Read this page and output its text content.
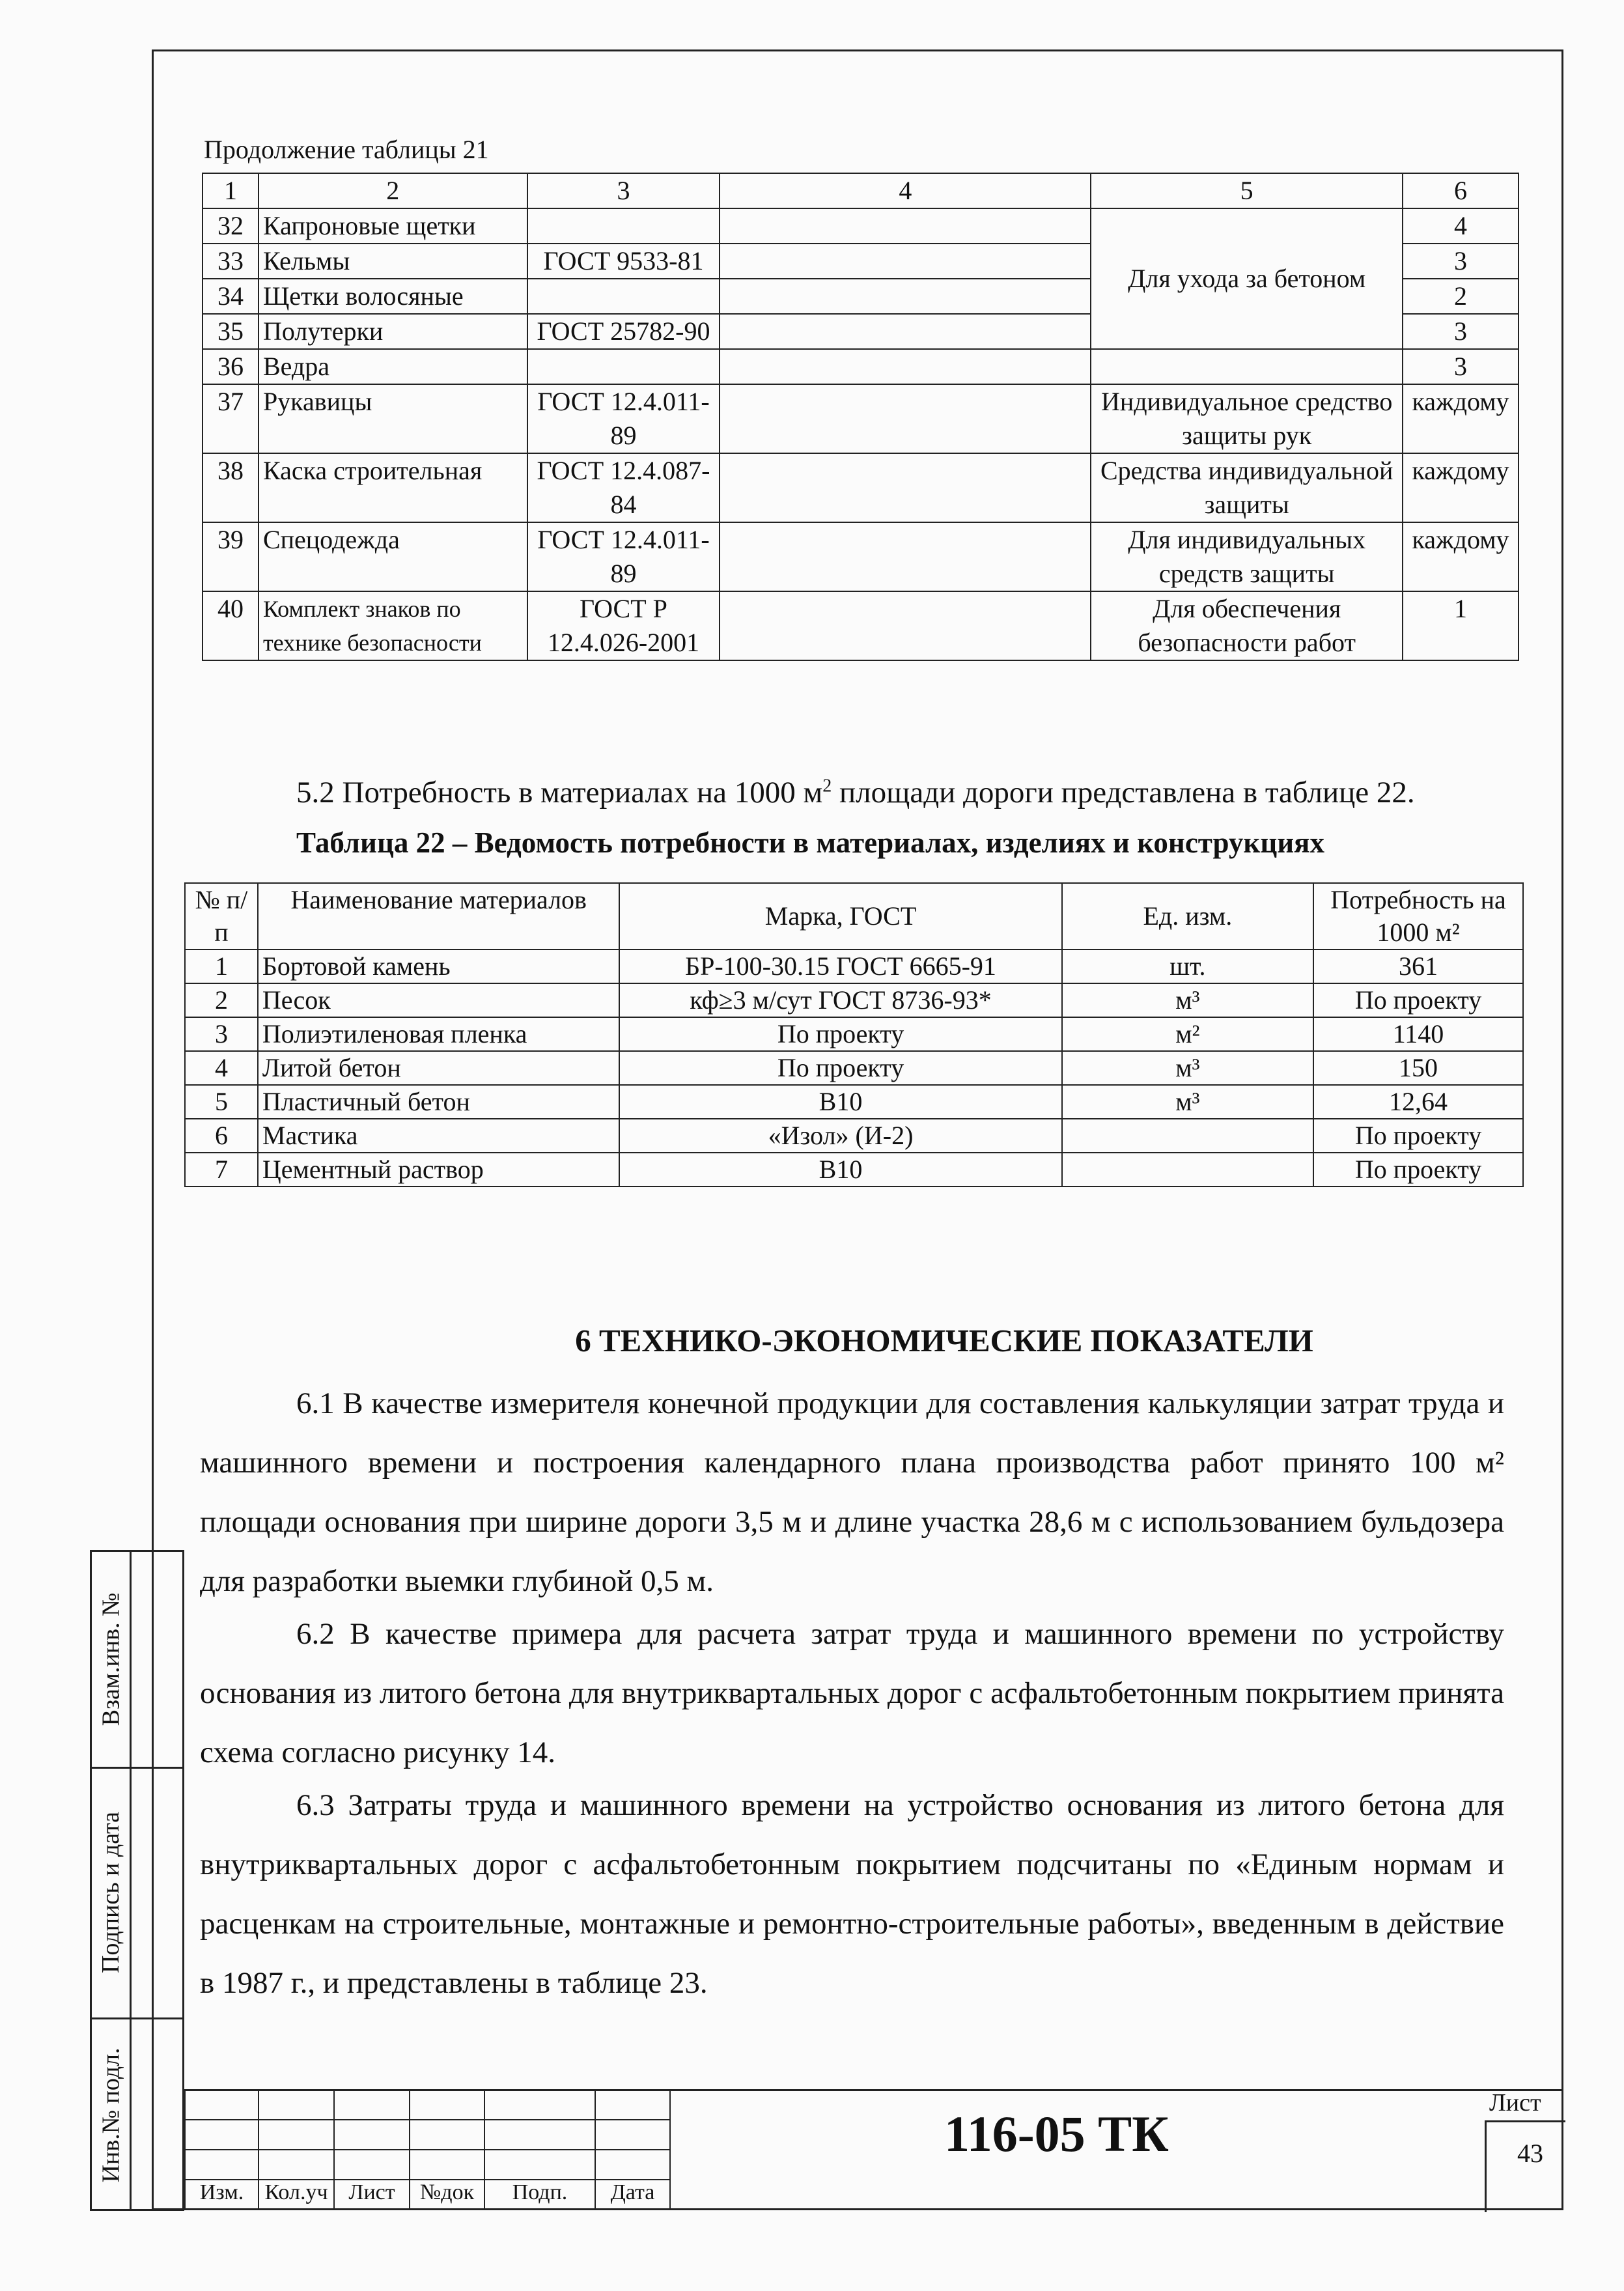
Взам.инв. №
Подпись и дата
Инв.№ подл.
Продолжение таблицы 21
1	2	3	4	5	6
32	Капроновые щетки			Для ухода за бетоном	4
33	Кельмы	ГОСТ 9533-81			3
34	Щетки волосяные				2
35	Полутерки	ГОСТ 25782-90			3
36	Ведра				3
37	Рукавицы	ГОСТ 12.4.011-89		Индивидуальное средство защиты рук	каждому
38	Каска строительная	ГОСТ 12.4.087-84		Средства индивидуальной защиты	каждому
39	Спецодежда	ГОСТ 12.4.011-89		Для индивидуальных средств защиты	каждому
40	Комплект знаков по технике безопасности	ГОСТ Р 12.4.026-2001		Для обеспечения безопасности работ	1
5.2 Потребность в материалах на 1000 $м^2$ площади дороги представлена в таблице 22.
Таблица 22 – Ведомость потребности в материалах, изделиях и конструкциях
№ п/п	Наименование материалов	Марка, ГОСТ	Ед. изм.	Потребность на 1000 м²
1	Бортовой камень	БР-100-30.15 ГОСТ 6665-91	шт.	361
2	Песок	кф≥3 м/сут ГОСТ 8736-93*	м³	По проекту
3	Полиэтиленовая пленка	По проекту	м²	1140
4	Литой бетон	По проекту	м³	150
5	Пластичный бетон	В10	м³	12,64
6	Мастика	«Изол» (И-2)		По проекту
7	Цементный раствор	В10		По проекту
6 ТЕХНИКО-ЭКОНОМИЧЕСКИЕ ПОКАЗАТЕЛИ
6.1 В качестве измерителя конечной продукции для составления калькуляции затрат труда и машинного времени и построения календарного плана производства работ принято 100 м² площади основания при ширине дороги 3,5 м и длине участка 28,6 м с использованием бульдозера для разработки выемки глубиной 0,5 м.
6.2 В качестве примера для расчета затрат труда и машинного времени по устройству основания из литого бетона для внутриквартальных дорог с асфальтобетонным покрытием принята схема согласно рисунку 14.
6.3 Затраты труда и машинного времени на устройство основания из литого бетона для внутриквартальных дорог с асфальтобетонным покрытием подсчитаны по «Единым нормам и расценкам на строительные, монтажные и ремонтно-строительные работы», введенным в действие в 1987 г., и представлены в таблице 23.

Изм.	Кол.уч	Лист	№док	Подп.	Дата
116-05 ТК
Лист
43
